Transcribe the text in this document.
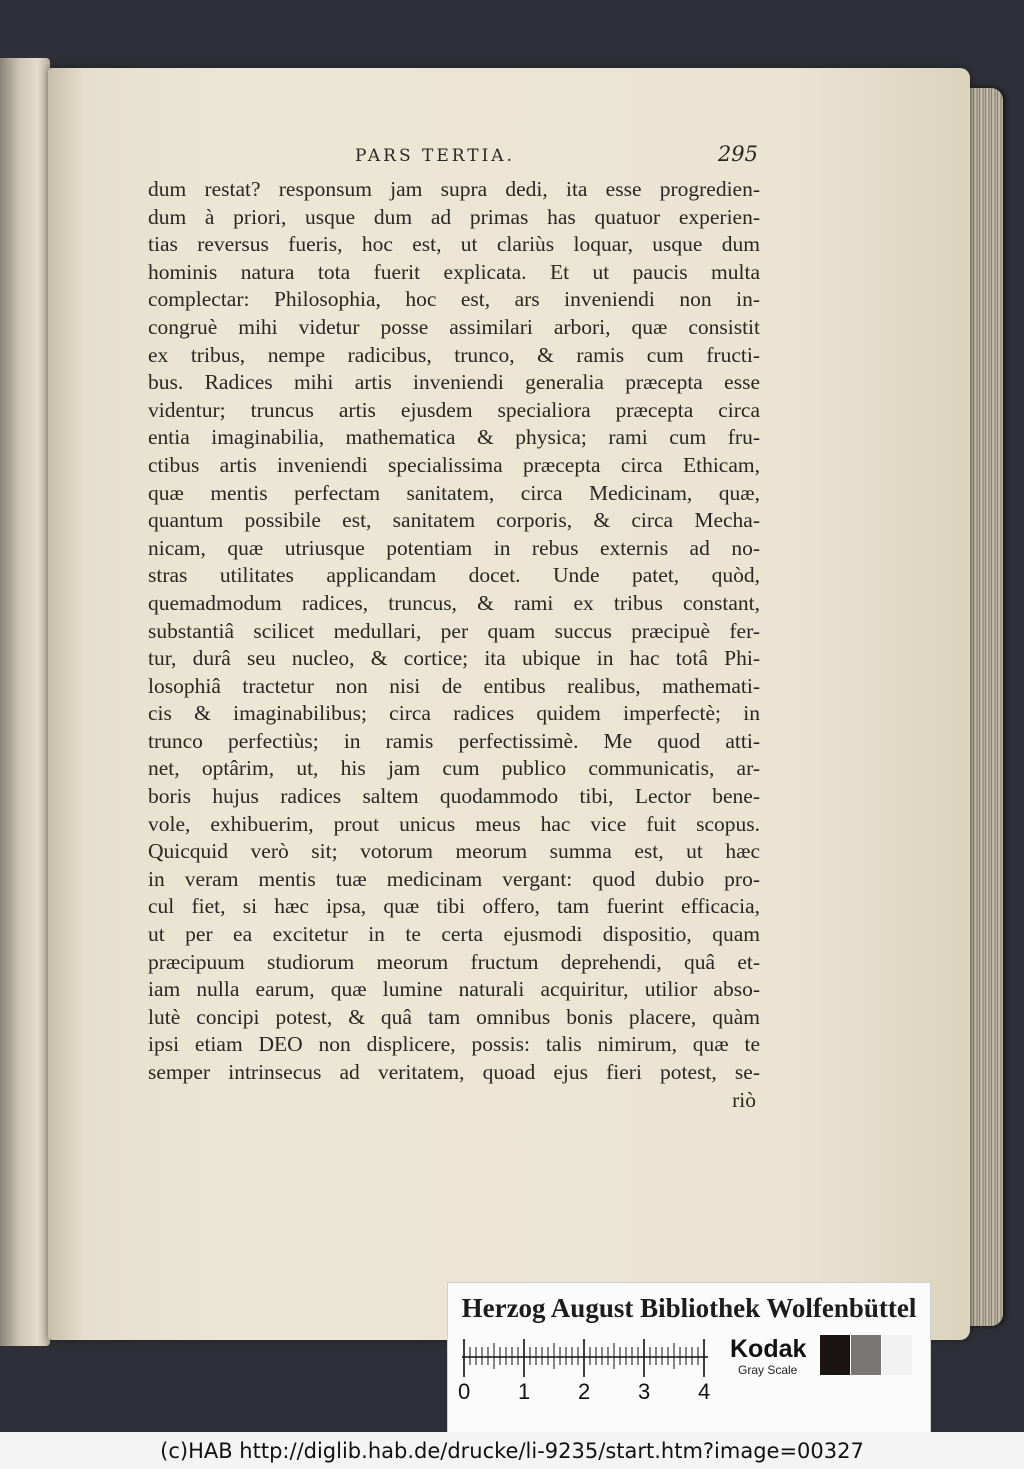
PARS TERTIA.	295
dum restat? responsum jam supra dedi, ita esse progredien-
dum à priori, usque dum ad primas has quatuor experien-
tias reversus fueris, hoc est, ut clariùs loquar, usque dum
hominis natura tota fuerit explicata. Et ut paucis multa
complectar: Philosophia, hoc est, ars inveniendi non in-
congruè mihi videtur posse assimilari arbori, quæ consistit
ex tribus, nempe radicibus, trunco, & ramis cum fructi-
bus. Radices mihi artis inveniendi generalia præcepta esse
videntur; truncus artis ejusdem specialiora præcepta circa
entia imaginabilia, mathematica & physica; rami cum fru-
ctibus artis inveniendi specialissima præcepta circa Ethicam,
quæ mentis perfectam sanitatem, circa Medicinam, quæ,
quantum possibile est, sanitatem corporis, & circa Mecha-
nicam, quæ utriusque potentiam in rebus externis ad no-
stras utilitates applicandam docet. Unde patet, quòd,
quemadmodum radices, truncus, & rami ex tribus constant,
substantiâ scilicet medullari, per quam succus præcipuè fer-
tur, durâ seu nucleo, & cortice; ita ubique in hac totâ Phi-
losophiâ tractetur non nisi de entibus realibus, mathemati-
cis & imaginabilibus; circa radices quidem imperfectè; in
trunco perfectiùs; in ramis perfectissimè. Me quod atti-
net, optârim, ut, his jam cum publico communicatis, ar-
boris hujus radices saltem quodammodo tibi, Lector bene-
vole, exhibuerim, prout unicus meus hac vice fuit scopus.
Quicquid verò sit; votorum meorum summa est, ut hæc
in veram mentis tuæ medicinam vergant: quod dubio pro-
cul fiet, si hæc ipsa, quæ tibi offero, tam fuerint efficacia,
ut per ea excitetur in te certa ejusmodi dispositio, quam
præcipuum studiorum meorum fructum deprehendi, quâ et-
iam nulla earum, quæ lumine naturali acquiritur, utilior abso-
lutè concipi potest, & quâ tam omnibus bonis placere, quàm
ipsi etiam DEO non displicere, possis: talis nimirum, quæ te
semper intrinsecus ad veritatem, quoad ejus fieri potest, se-
riò
Herzog August Bibliothek Wolfenbüttel
0 1 2 3 4
Kodak
Gray Scale
(c)HAB http://diglib.hab.de/drucke/li-9235/start.htm?image=00327
